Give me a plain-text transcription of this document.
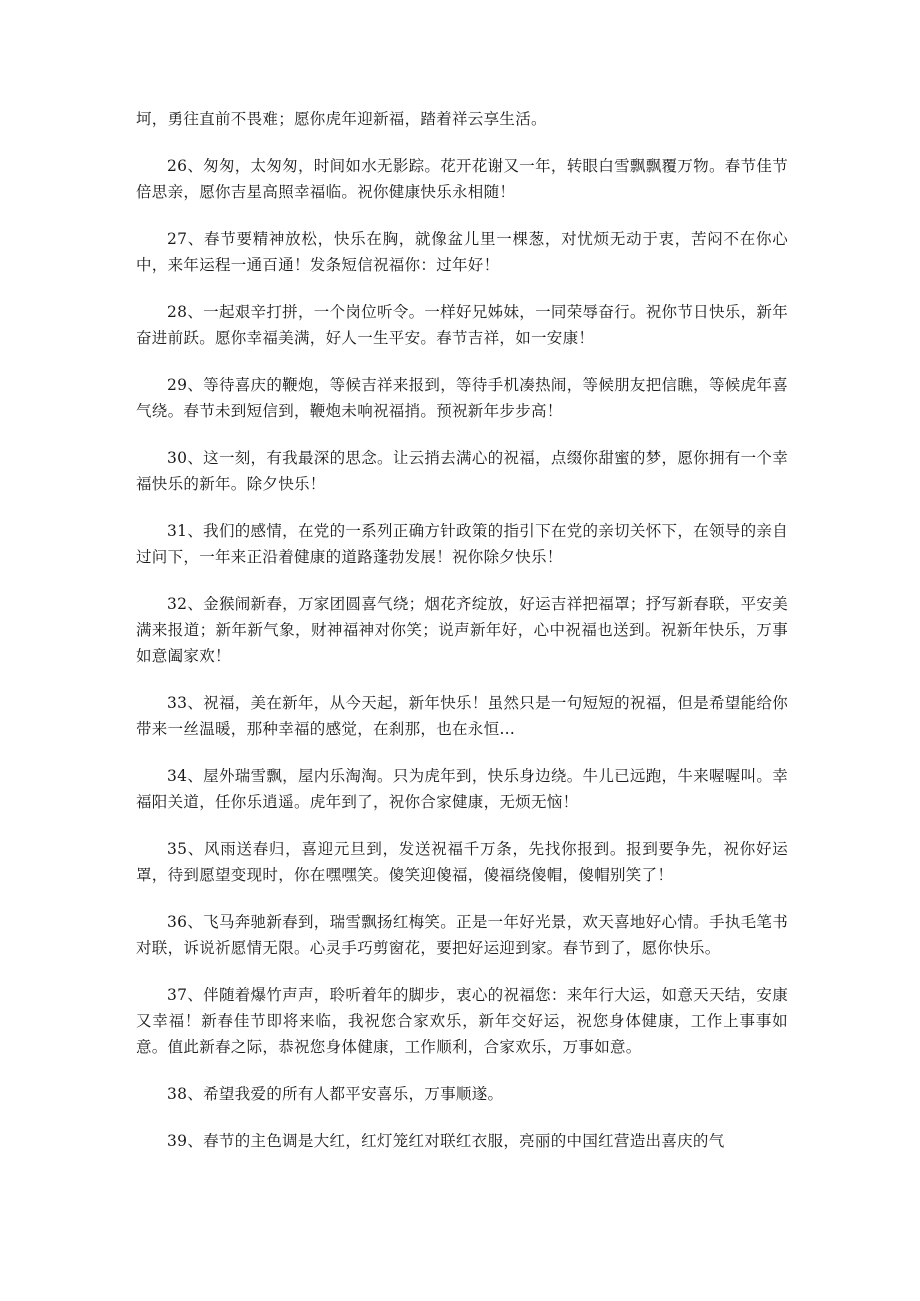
坷，勇往直前不畏难；愿你虎年迎新福，踏着祥云享生活。

26、匆匆，太匆匆，时间如水无影踪。花开花谢又一年，转眼白雪飘飘覆万物。春节佳节倍思亲，愿你吉星高照幸福临。祝你健康快乐永相随！

27、春节要精神放松，快乐在胸，就像盆儿里一棵葱，对忧烦无动于衷，苦闷不在你心中，来年运程一通百通！发条短信祝福你：过年好！

28、一起艰辛打拼，一个岗位听令。一样好兄姊妹，一同荣辱奋行。祝你节日快乐，新年奋进前跃。愿你幸福美满，好人一生平安。春节吉祥，如一安康！

29、等待喜庆的鞭炮，等候吉祥来报到，等待手机凑热闹，等候朋友把信瞧，等候虎年喜气绕。春节未到短信到，鞭炮未响祝福捎。预祝新年步步高！

30、这一刻，有我最深的思念。让云捎去满心的祝福，点缀你甜蜜的梦，愿你拥有一个幸福快乐的新年。除夕快乐！

31、我们的感情，在党的一系列正确方针政策的指引下在党的亲切关怀下，在领导的亲自过问下，一年来正沿着健康的道路蓬勃发展！祝你除夕快乐！

32、金猴闹新春，万家团圆喜气绕；烟花齐绽放，好运吉祥把福罩；抒写新春联，平安美满来报道；新年新气象，财神福神对你笑；说声新年好，心中祝福也送到。祝新年快乐，万事如意阖家欢！

33、祝福，美在新年，从今天起，新年快乐！虽然只是一句短短的祝福，但是希望能给你带来一丝温暖，那种幸福的感觉，在刹那，也在永恒…

34、屋外瑞雪飘，屋内乐淘淘。只为虎年到，快乐身边绕。牛儿已远跑，牛来喔喔叫。幸福阳关道，任你乐逍遥。虎年到了，祝你合家健康，无烦无恼！

35、风雨送春归，喜迎元旦到，发送祝福千万条，先找你报到。报到要争先，祝你好运罩，待到愿望变现时，你在嘿嘿笑。傻笑迎傻福，傻福绕傻帽，傻帽别笑了！

36、飞马奔驰新春到，瑞雪飘扬红梅笑。正是一年好光景，欢天喜地好心情。手执毛笔书对联，诉说祈愿情无限。心灵手巧剪窗花，要把好运迎到家。春节到了，愿你快乐。

37、伴随着爆竹声声，聆听着年的脚步，衷心的祝福您：来年行大运，如意天天结，安康又幸福！新春佳节即将来临，我祝您合家欢乐，新年交好运，祝您身体健康，工作上事事如意。值此新春之际，恭祝您身体健康，工作顺利，合家欢乐，万事如意。

38、希望我爱的所有人都平安喜乐，万事顺遂。

39、春节的主色调是大红，红灯笼红对联红衣服，亮丽的中国红营造出喜庆的气
